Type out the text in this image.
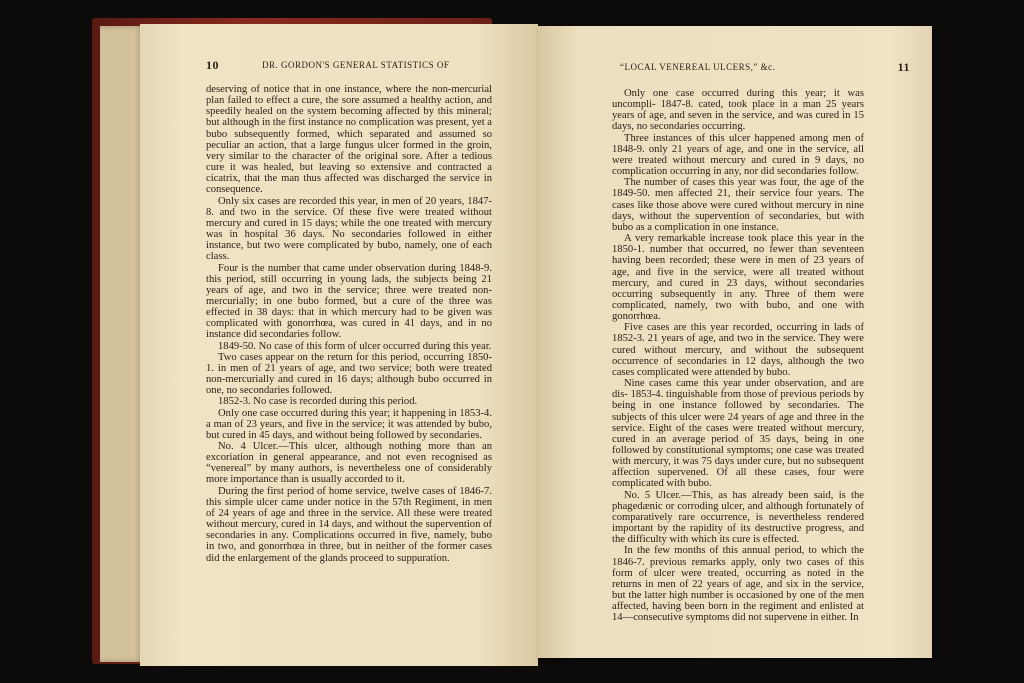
10	DR. GORDON'S GENERAL STATISTICS OF

deserving of notice that in one instance, where the non-mercurial plan failed to effect a cure, the sore assumed a healthy action, and speedily healed on the system becoming affected by this mineral; but although in the first instance no complication was present, yet a bubo subsequently formed, which separated and assumed so peculiar an action, that a large fungus ulcer formed in the groin, very similar to the character of the original sore. After a tedious cure it was healed, but leaving so extensive and contracted a cicatrix, that the man thus affected was discharged the service in consequence.

Only six cases are recorded this year, in men of 20 years, 1847-8. and two in the service. Of these five were treated without mercury and cured in 15 days; while the one treated with mercury was in hospital 36 days. No secondaries followed in either instance, but two were complicated by bubo, namely, one of each class.

Four is the number that came under observation during 1848-9. this period, still occurring in young lads, the subjects being 21 years of age, and two in the service; three were treated non-mercurially; in one bubo formed, but a cure of the three was effected in 38 days: that in which mercury had to be given was complicated with gonorrhœa, was cured in 41 days, and in no instance did secondaries follow.

1849-50. No case of this form of ulcer occurred during this year.

Two cases appear on the return for this period, occurring 1850-1. in men of 21 years of age, and two service; both were treated non-mercurially and cured in 16 days; although bubo occurred in one, no secondaries followed.

1852-3. No case is recorded during this period.

Only one case occurred during this year; it happening in 1853-4. a man of 23 years, and five in the service; it was attended by bubo, but cured in 45 days, and without being followed by secondaries.

No. 4 Ulcer.—This ulcer, although nothing more than an excoriation in general appearance, and not even recognised as “venereal” by many authors, is nevertheless one of considerably more importance than is usually accorded to it.

During the first period of home service, twelve cases of 1846-7. this simple ulcer came under notice in the 57th Regiment, in men of 24 years of age and three in the service. All these were treated without mercury, cured in 14 days, and without the supervention of secondaries in any. Complications occurred in five, namely, bubo in two, and gonorrhœa in three, but in neither of the former cases did the enlargement of the glands proceed to suppuration.

“LOCAL VENEREAL ULCERS,” &c.	11

Only one case occurred during this year; it was uncompli- 1847-8. cated, took place in a man 25 years years of age, and seven in the service, and was cured in 15 days, no secondaries occurring.

Three instances of this ulcer happened among men of 1848-9. only 21 years of age, and one in the service, all were treated without mercury and cured in 9 days, no complication occurring in any, nor did secondaries follow.

The number of cases this year was four, the age of the 1849-50. men affected 21, their service four years. The cases like those above were cured without mercury in nine days, without the supervention of secondaries, but with bubo as a complication in one instance.

A very remarkable increase took place this year in the 1850-1. number that occurred, no fewer than seventeen having been recorded; these were in men of 23 years of age, and five in the service, were all treated without mercury, and cured in 23 days, without secondaries occurring subsequently in any. Three of them were complicated, namely, two with bubo, and one with gonorrhœa.

Five cases are this year recorded, occurring in lads of 1852-3. 21 years of age, and two in the service. They were cured without mercury, and without the subsequent occurrence of secondaries in 12 days, although the two cases complicated were attended by bubo.

Nine cases came this year under observation, and are dis- 1853-4. tinguishable from those of previous periods by being in one instance followed by secondaries. The subjects of this ulcer were 24 years of age and three in the service. Eight of the cases were treated without mercury, cured in an average period of 35 days, being in one followed by constitutional symptoms; one case was treated with mercury, it was 75 days under cure, but no subsequent affection supervened. Of all these cases, four were complicated with bubo.

No. 5 Ulcer.—This, as has already been said, is the phagedænic or corroding ulcer, and although fortunately of comparatively rare occurrence, is nevertheless rendered important by the rapidity of its destructive progress, and the difficulty with which its cure is effected.

In the few months of this annual period, to which the 1846-7. previous remarks apply, only two cases of this form of ulcer were treated, occurring as noted in the returns in men of 22 years of age, and six in the service, but the latter high number is occasioned by one of the men affected, having been born in the regiment and enlisted at 14—consecutive symptoms did not supervene in either. In
